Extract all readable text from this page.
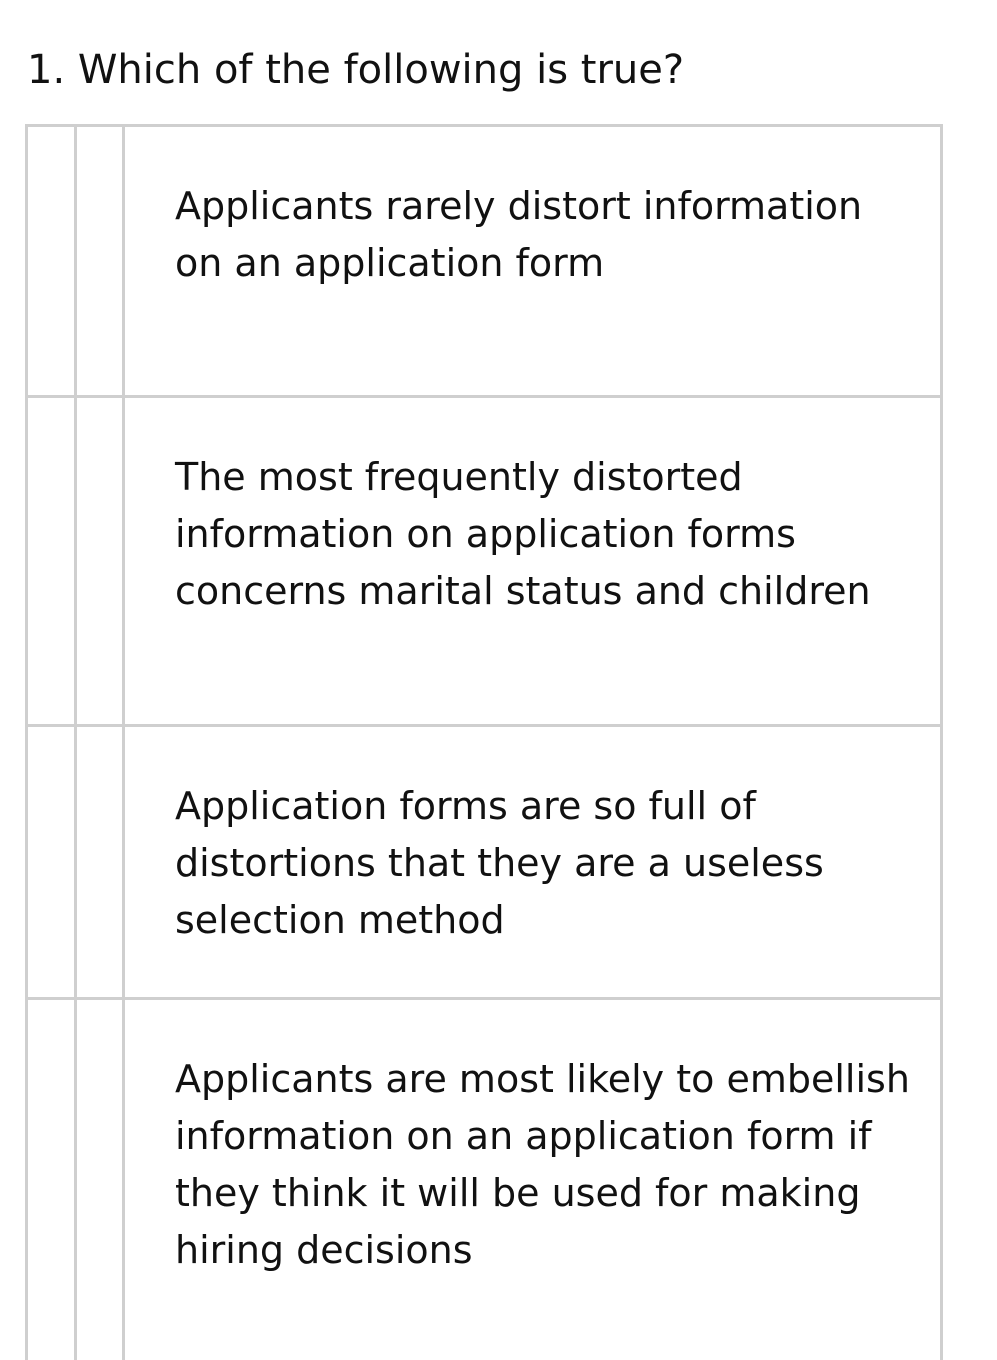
1. Which of the following is true?
		Applicants rarely distort information on an application form
		The most frequently distorted information on application forms concerns marital status and children
		Application forms are so full of distortions that they are a useless selection method
		Applicants are most likely to embellish information on an application form if they think it will be used for making hiring decisions
